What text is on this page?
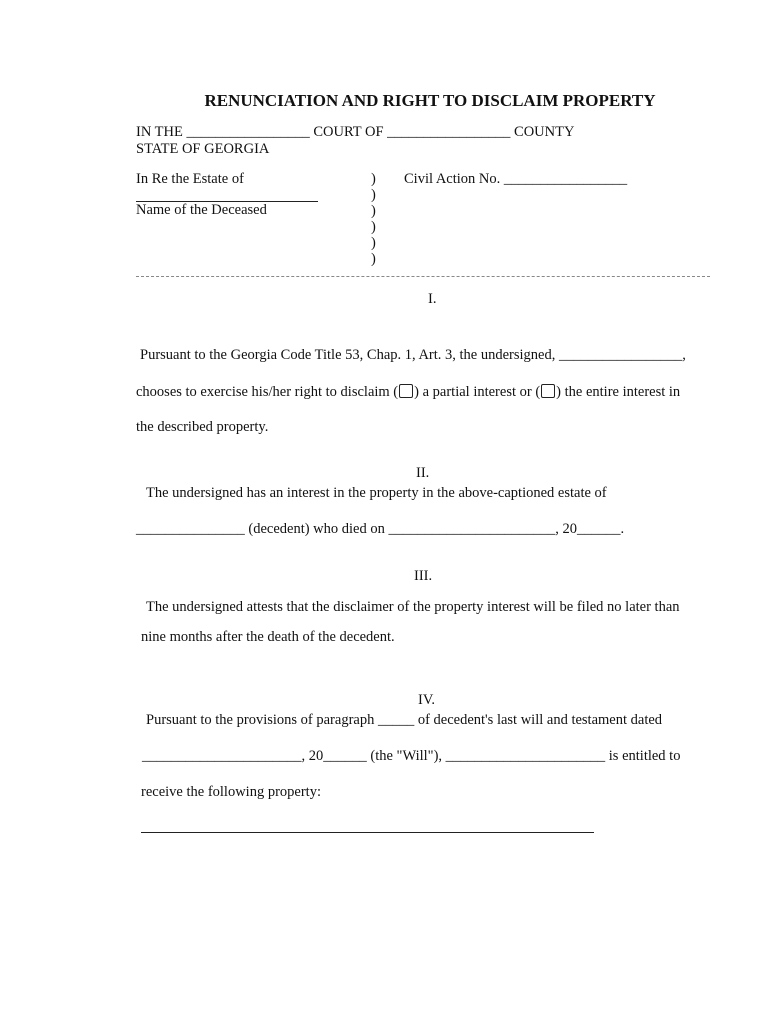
RENUNCIATION AND RIGHT TO DISCLAIM PROPERTY
IN THE _________________ COURT OF _________________ COUNTY
STATE OF GEORGIA
In Re the Estate of
Name of the Deceased
)
)
)
)
)
)
Civil Action No. _________________
I.
Pursuant to the Georgia Code Title 53, Chap. 1, Art. 3, the undersigned, _________________,
chooses to exercise his/her right to disclaim ( ) a partial interest or ( ) the entire interest in
the described property.
II.
The undersigned has an interest in the property in the above-captioned estate of
_______________ (decedent) who died on _______________________, 20______.
III.
The undersigned attests that the disclaimer of the property interest will be filed no later than
nine months after the death of the decedent.
IV.
Pursuant to the provisions of paragraph _____ of decedent's last will and testament dated
______________________, 20______ (the "Will"), ______________________ is entitled to
receive the following property:
